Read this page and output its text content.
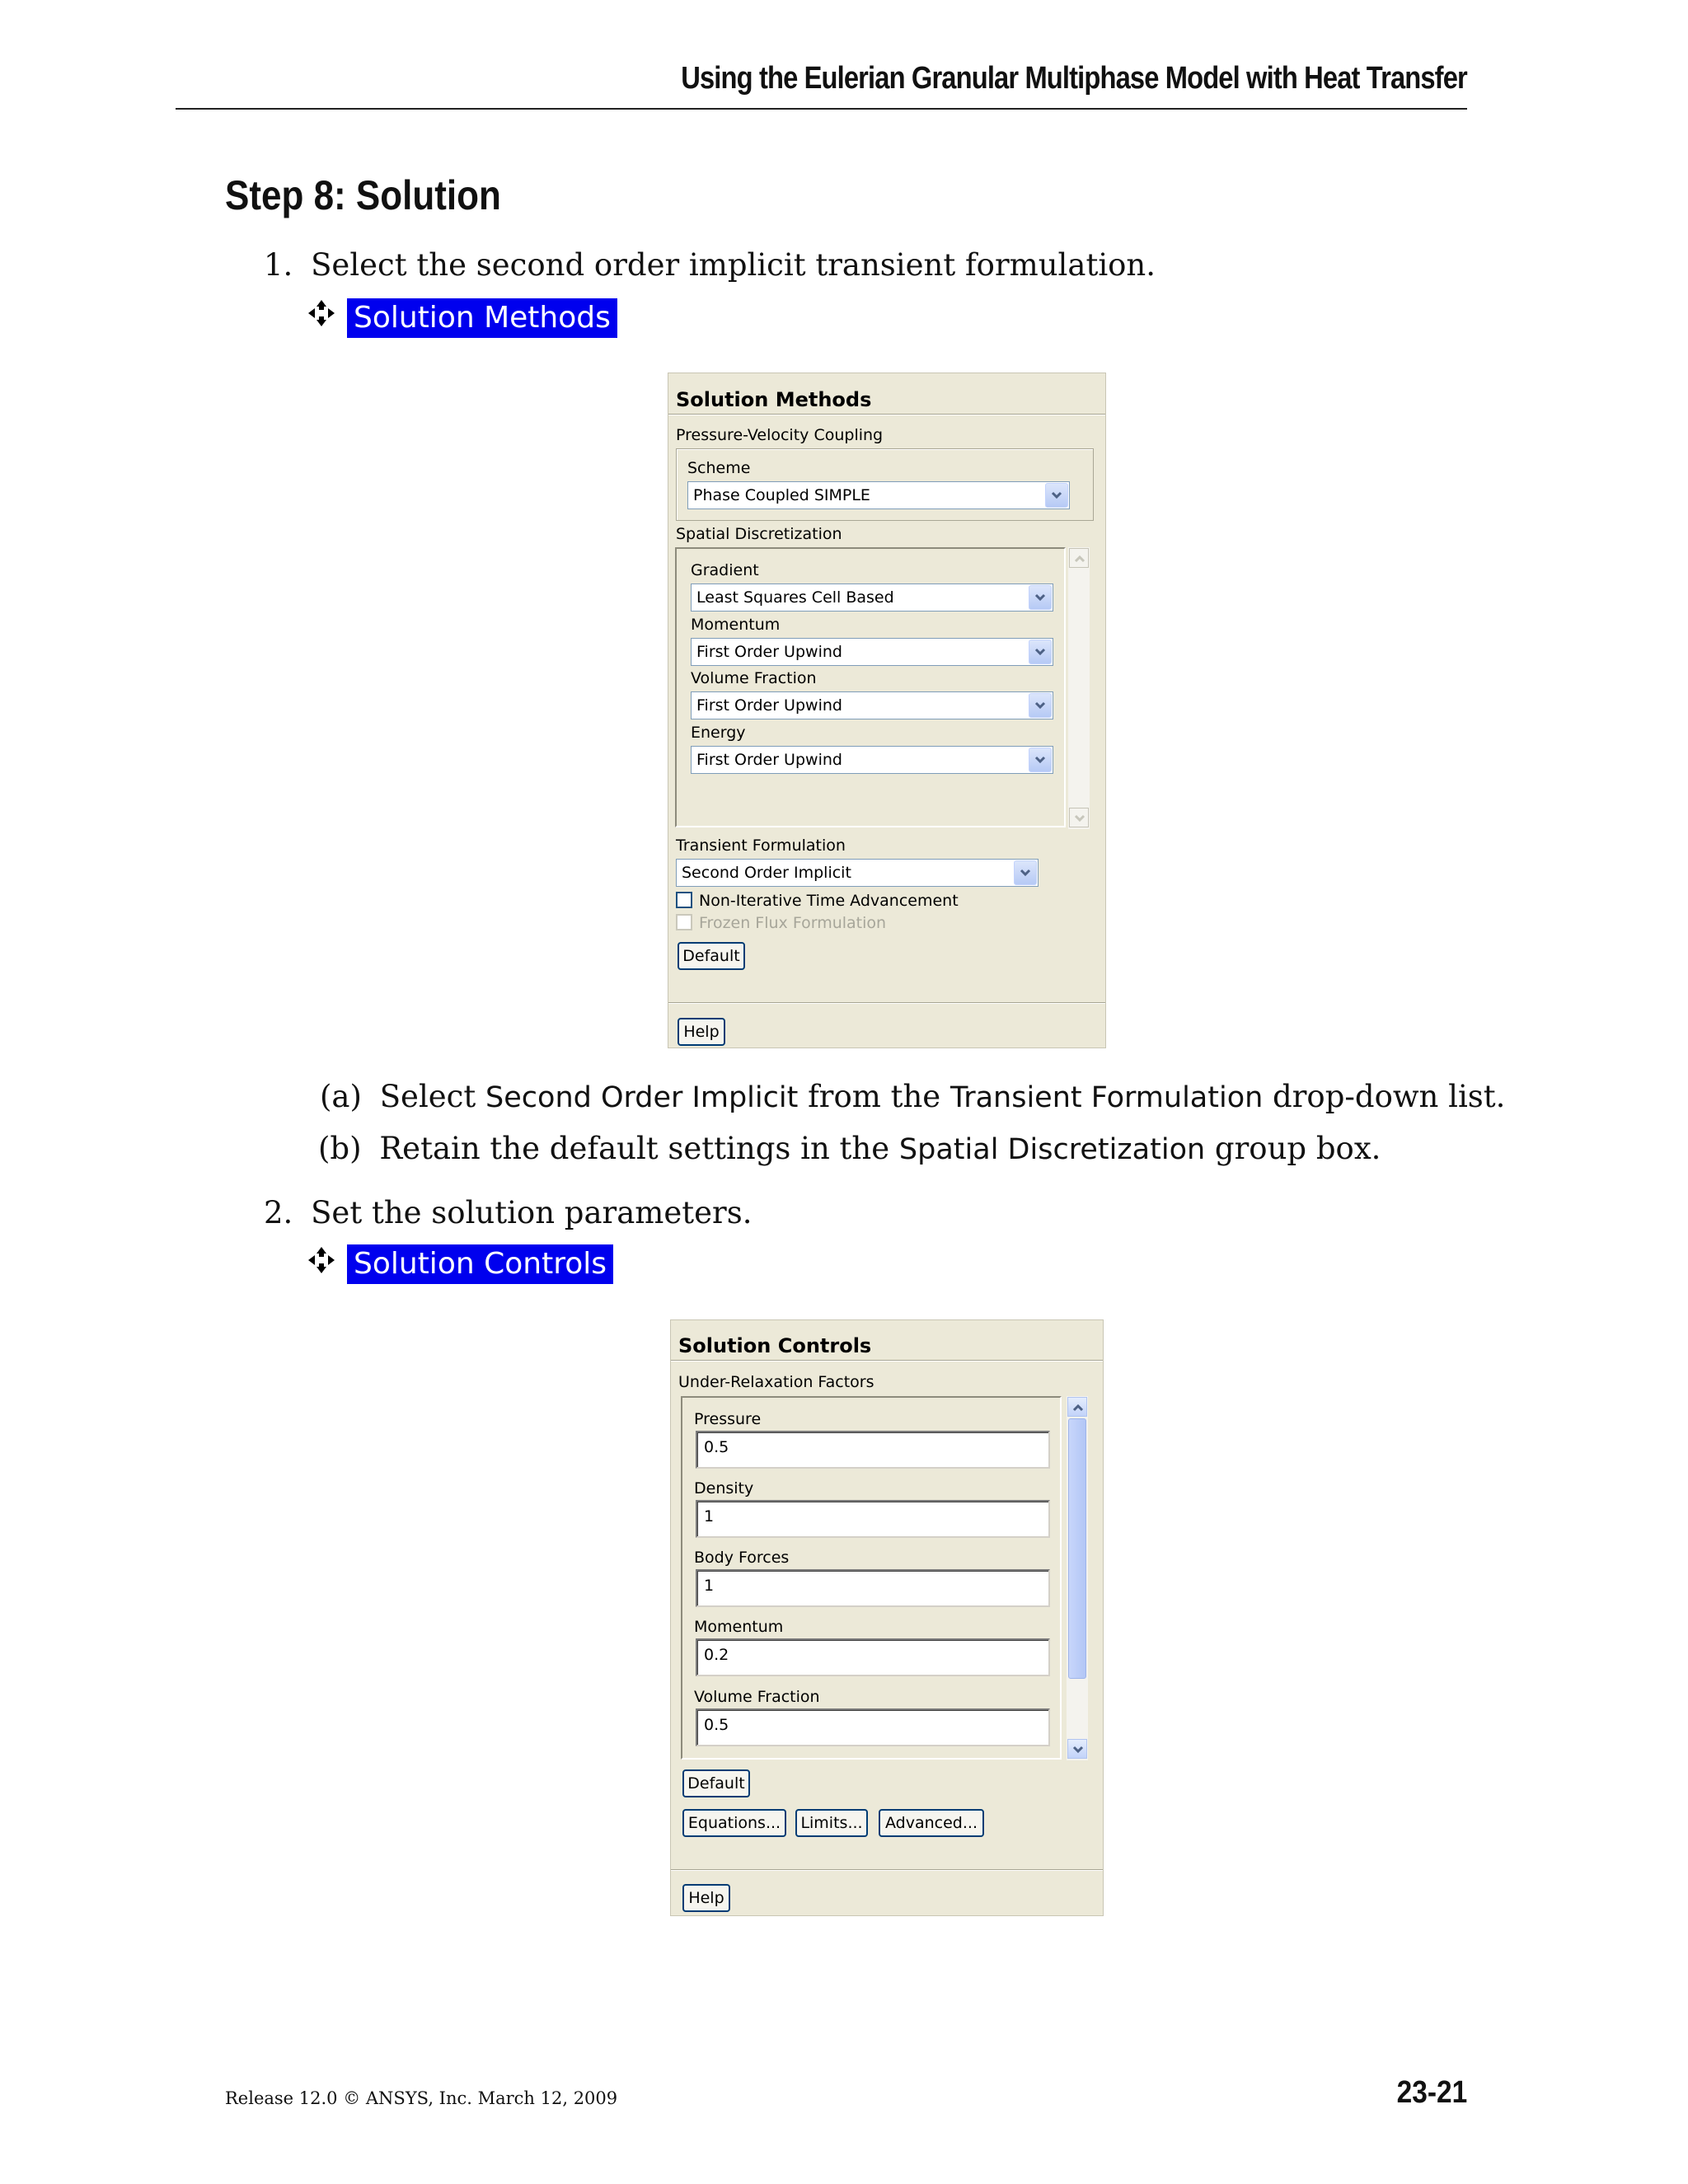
Using the Eulerian Granular Multiphase Model with Heat Transfer
Step 8: Solution
1. Select the second order implicit transient formulation.
Solution Methods
Solution Methods
Pressure-Velocity Coupling
Scheme
Phase Coupled SIMPLE
Spatial Discretization
Gradient
Least Squares Cell Based
Momentum
First Order Upwind
Volume Fraction
First Order Upwind
Energy
First Order Upwind
Transient Formulation
Second Order Implicit
Non-Iterative Time Advancement
Frozen Flux Formulation
Default
Help
(a) Select Second Order Implicit from the Transient Formulation drop-down list.
(b) Retain the default settings in the Spatial Discretization group box.
2. Set the solution parameters.
Solution Controls
Solution Controls
Under-Relaxation Factors
Pressure
0.5
Density
1
Body Forces
1
Momentum
0.2
Volume Fraction
0.5
Default
Equations...	Limits...	Advanced...
Help
Release 12.0 © ANSYS, Inc. March 12, 2009	23-21
